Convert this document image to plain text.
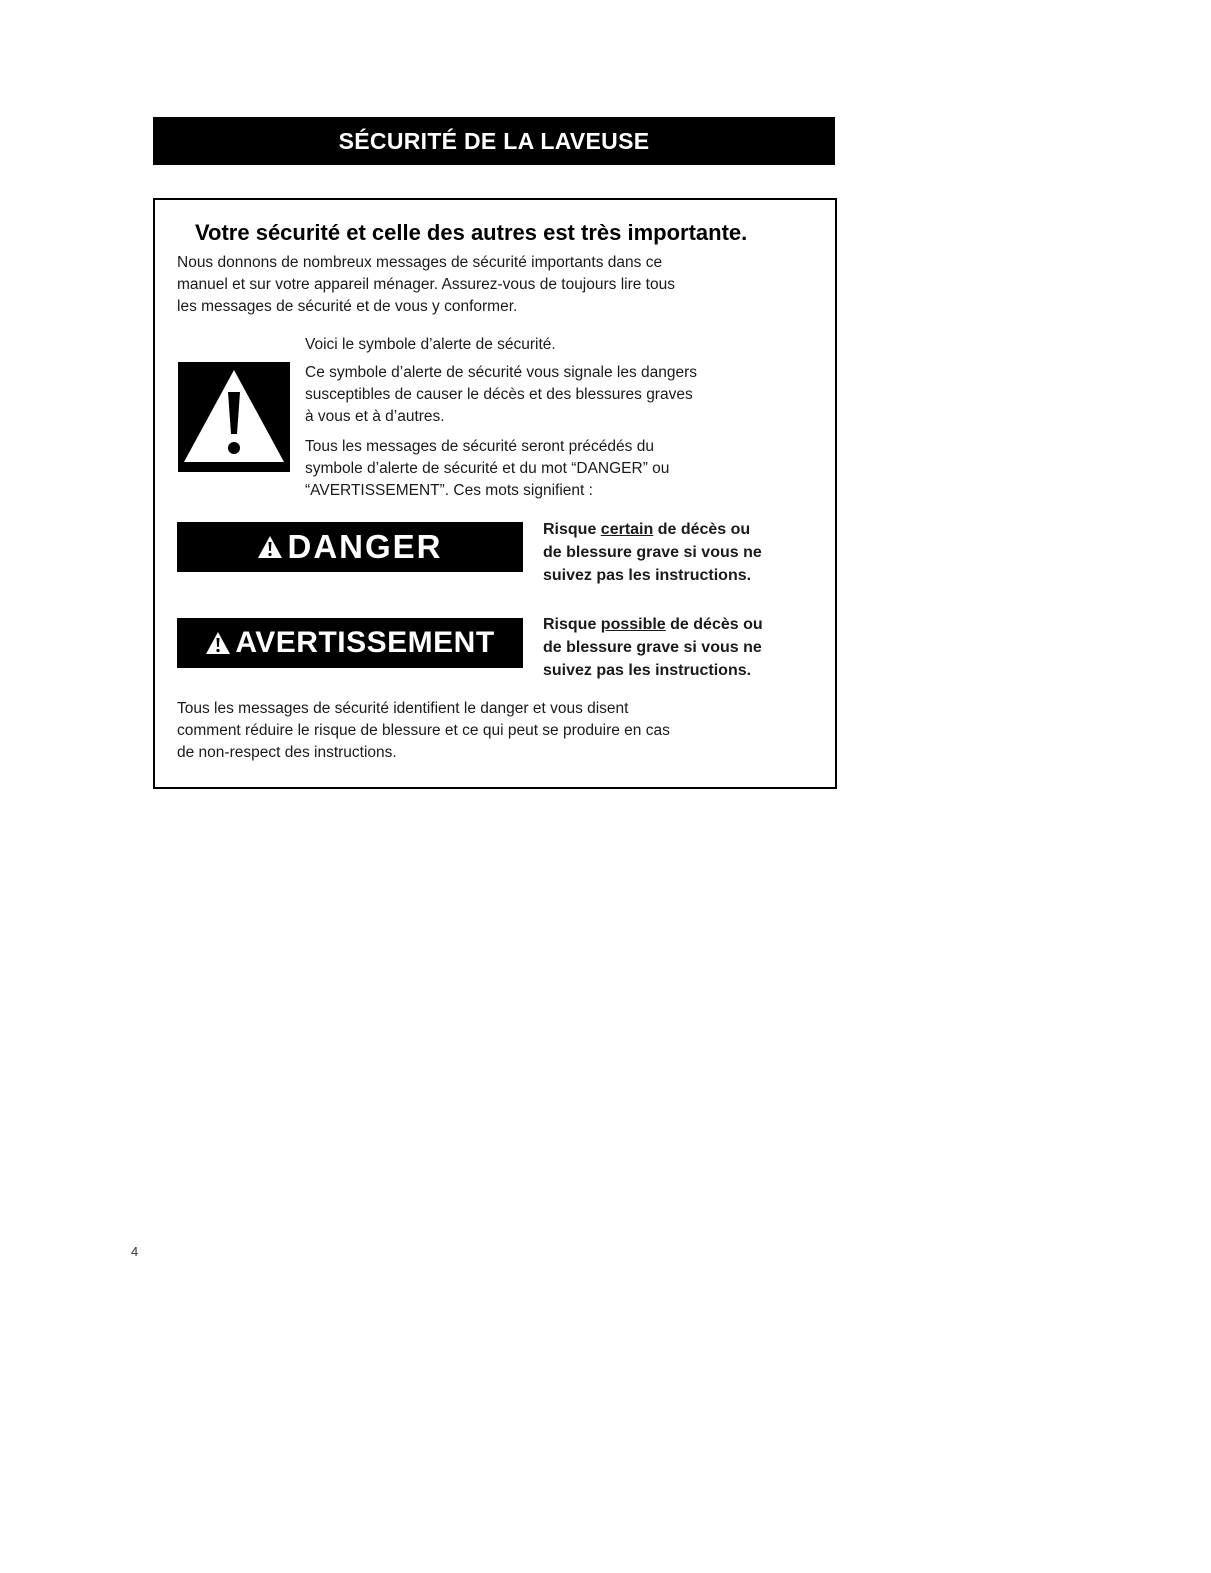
SÉCURITÉ DE LA LAVEUSE
Votre sécurité et celle des autres est très importante.
Nous donnons de nombreux messages de sécurité importants dans ce
manuel et sur votre appareil ménager. Assurez-vous de toujours lire tous
les messages de sécurité et de vous y conformer.
Voici le symbole d’alerte de sécurité.
Ce symbole d’alerte de sécurité vous signale les dangers
susceptibles de causer le décès et des blessures graves
à vous et à d’autres.
Tous les messages de sécurité seront précédés du
symbole d’alerte de sécurité et du mot “DANGER” ou
“AVERTISSEMENT”. Ces mots signifient :
DANGER	Risque certain de décès ou
de blessure grave si vous ne
suivez pas les instructions.
AVERTISSEMENT
Risque possible de décès ou
de blessure grave si vous ne
suivez pas les instructions.
Tous les messages de sécurité identifient le danger et vous disent
comment réduire le risque de blessure et ce qui peut se produire en cas
de non-respect des instructions.
4
